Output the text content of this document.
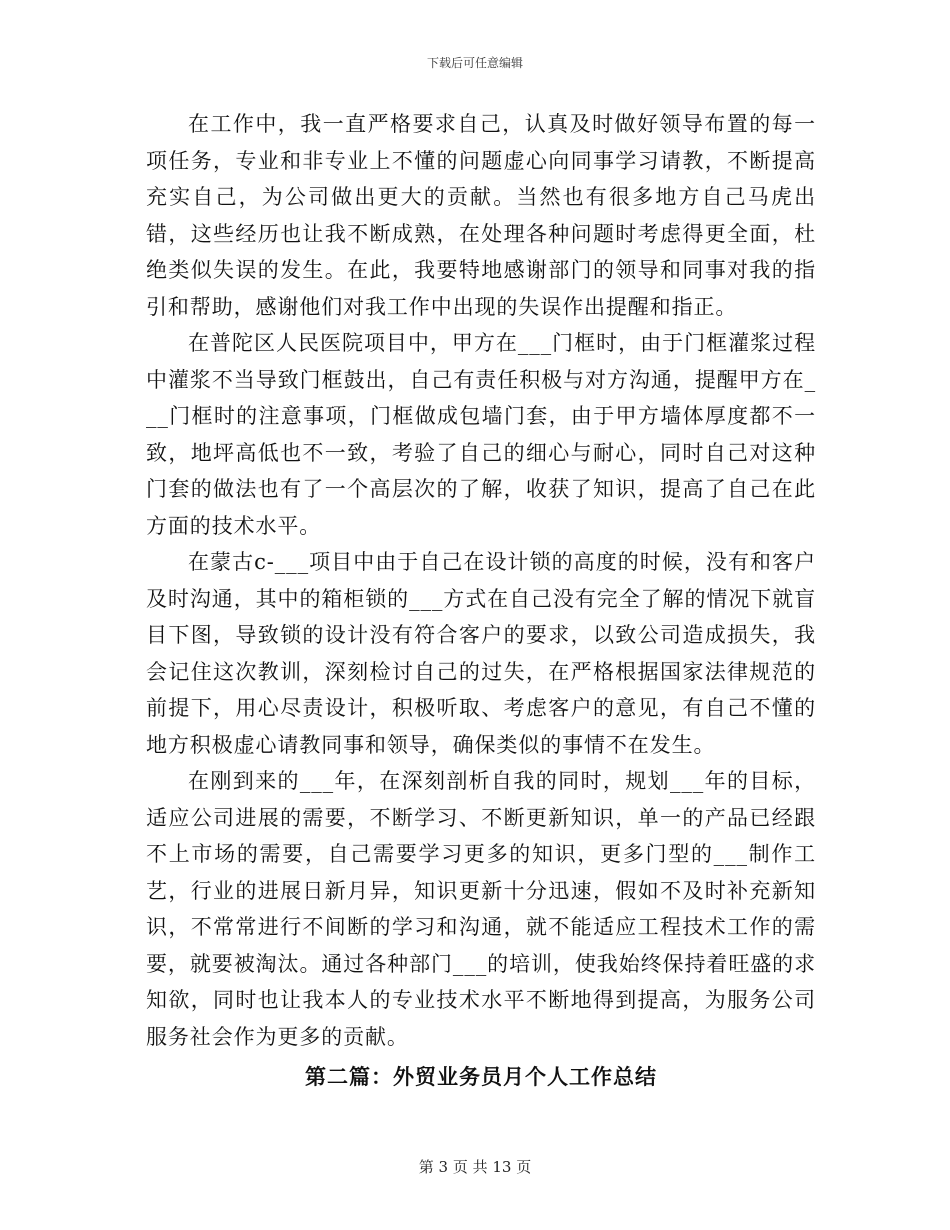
下载后可任意编辑

在工作中，我一直严格要求自己，认真及时做好领导布置的每一项任务，专业和非专业上不懂的问题虚心向同事学习请教，不断提高充实自己，为公司做出更大的贡献。当然也有很多地方自己马虎出错，这些经历也让我不断成熟，在处理各种问题时考虑得更全面，杜绝类似失误的发生。在此，我要特地感谢部门的领导和同事对我的指引和帮助，感谢他们对我工作中出现的失误作出提醒和指正。

在普陀区人民医院项目中，甲方在___门框时，由于门框灌浆过程中灌浆不当导致门框鼓出，自己有责任积极与对方沟通，提醒甲方在___门框时的注意事项，门框做成包墙门套，由于甲方墙体厚度都不一致，地坪高低也不一致，考验了自己的细心与耐心，同时自己对这种门套的做法也有了一个高层次的了解，收获了知识，提高了自己在此方面的技术水平。

在蒙古c-___项目中由于自己在设计锁的高度的时候，没有和客户及时沟通，其中的箱柜锁的___方式在自己没有完全了解的情况下就盲目下图，导致锁的设计没有符合客户的要求，以致公司造成损失，我会记住这次教训，深刻检讨自己的过失，在严格根据国家法律规范的前提下，用心尽责设计，积极听取、考虑客户的意见，有自己不懂的地方积极虚心请教同事和领导，确保类似的事情不在发生。

在刚到来的___年，在深刻剖析自我的同时，规划___年的目标，适应公司进展的需要，不断学习、不断更新知识，单一的产品已经跟不上市场的需要，自己需要学习更多的知识，更多门型的___制作工艺，行业的进展日新月异，知识更新十分迅速，假如不及时补充新知识，不常常进行不间断的学习和沟通，就不能适应工程技术工作的需要，就要被淘汰。通过各种部门___的培训，使我始终保持着旺盛的求知欲，同时也让我本人的专业技术水平不断地得到提高，为服务公司服务社会作为更多的贡献。

第二篇：外贸业务员月个人工作总结
第 3 页 共 13 页
